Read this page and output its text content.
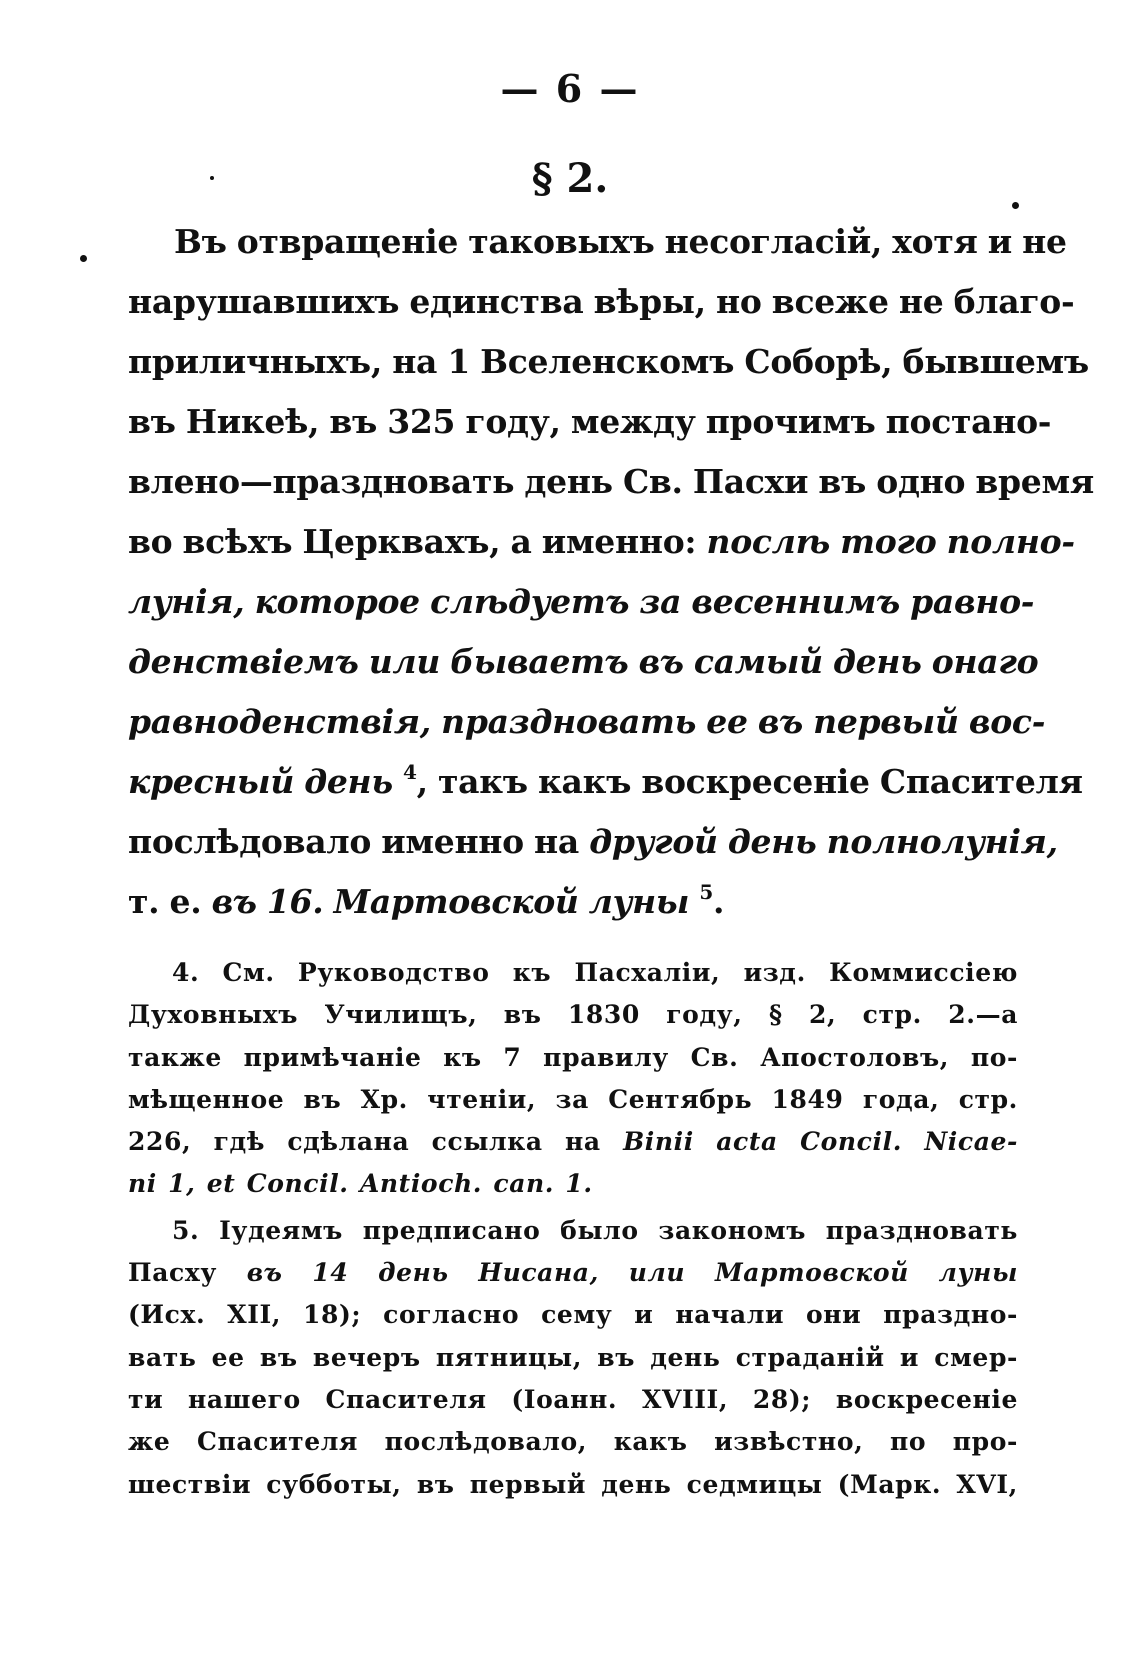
— 6 —
§ 2.
Въ отвращеніе таковыхъ несогласій, хотя и не
нарушавшихъ единства вѣры, но всеже не благо-
приличныхъ, на 1 Вселенскомъ Соборѣ, бывшемъ
въ Никеѣ, въ 325 году, между прочимъ постано-
влено—праздновать день Св. Пасхи въ одно время
во всѣхъ Церквахъ, а именно: послѣ того полно-
лунія, которое слѣдуетъ за весеннимъ равно-
денствіемъ или бываетъ въ самый день онаго
равноденствія, праздновать ее въ первый вос-
кресный день $^4$, такъ какъ воскресеніе Спасителя
послѣдовало именно на другой день полнолунія,
т. е. въ 16. Мартовской луны $^5$.
4. См. Руководство къ Пасхаліи, изд. Коммиссіею
Духовныхъ Училищъ, въ 1830 году, § 2, стр. 2.—а
также примѣчаніе къ 7 правилу Св. Апостоловъ, по-
мѣщенное въ Хр. чтеніи, за Сентябрь 1849 года, стр.
226, гдѣ сдѣлана ссылка на Binii acta Concil. Nicae-
ni 1, et Concil. Antioch. can. 1.
5. Іудеямъ предписано было закономъ праздновать
Пасху въ 14 день Нисана, или Мартовской луны
(Исх. XII, 18); согласно сему и начали они праздно-
вать ее въ вечеръ пятницы, въ день страданій и смер-
ти нашего Спасителя (Іоанн. XVIII, 28); воскресеніе
же Спасителя послѣдовало, какъ извѣстно, по про-
шествіи субботы, въ первый день седмицы (Марк. XVI,
